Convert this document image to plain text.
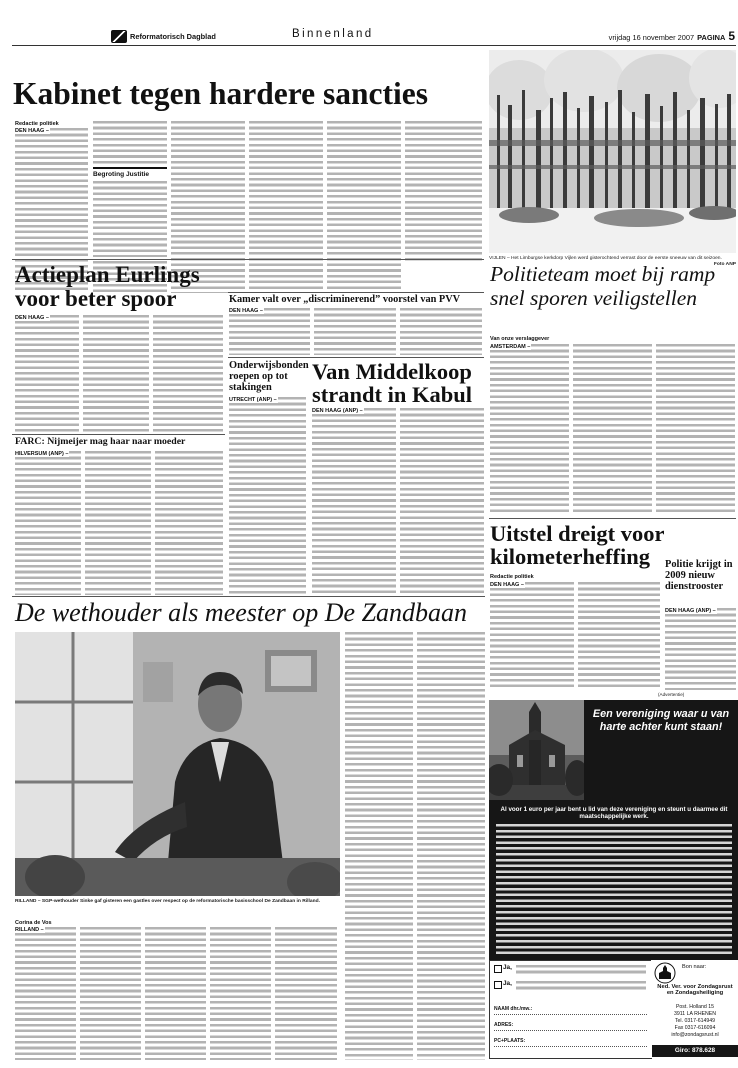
Reformatorisch Dagblad	Binnenland	vrijdag 16 november 2007 PAGINA 5
Kabinet tegen hardere sancties
Redactie politiek
DEN HAAG –
Begroting Justitie
VIJLEN – Het Limburgse kerkdorp Vijlen werd gisterochtend verrast door de eerste sneeuw van dit seizoen.
Foto ANP
Actieplan Eurlings voor beter spoor
DEN HAAG –
Kamer valt over „discriminerend” voorstel van PVV
DEN HAAG –
Onderwijsbonden roepen op tot stakingen
UTRECHT (ANP) –
Van Middelkoop strandt in Kabul
DEN HAAG (ANP) –
FARC: Nijmeijer mag haar naar moeder
HILVERSUM (ANP) –
Politieteam moet bij ramp snel sporen veiligstellen
Van onze verslaggever
AMSTERDAM –
Uitstel dreigt voor kilometerheffing
Redactie politiek
DEN HAAG –
Politie krijgt in 2009 nieuw dienstrooster
DEN HAAG (ANP) –
De wethouder als meester op De Zandbaan
RILLAND – SGP-wethouder Sinke gaf gisteren een gastles over respect op de reformatorische basisschool De Zandbaan in Rilland.
Corina de Vos
RILLAND –
(Advertentie)
Een vereniging waar u van harte achter kunt staan!
Al voor 1 euro per jaar bent u lid van deze vereniging en steunt u daarmee dit maatschappelijke werk.
Ja,
Ja,
NAAM dhr./mw.:
ADRES:
PC+PLAATS:
Bon naar:
Ned. Ver. voor Zondagsrust en Zondagsheiliging
Post. Holland 15
3911 LA RHENEN
Tel. 0317-614949
Fax 0317-616094
info@zondagsrust.nl
Giro: 878.628
